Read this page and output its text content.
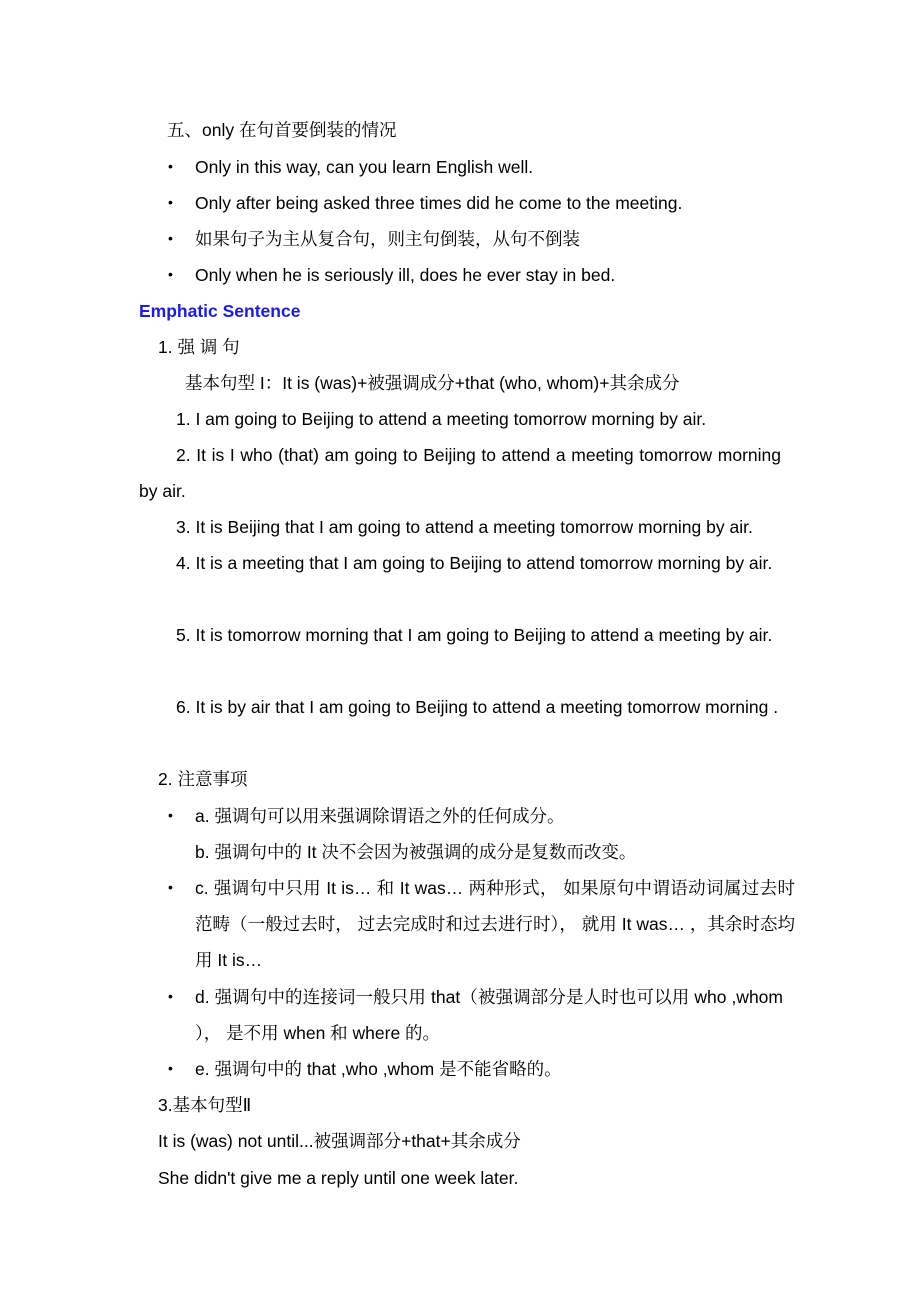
五、only 在句首要倒装的情况
• Only in this way, can you learn English well.
• Only after being asked three times did he come to the meeting.
• 如果句子为主从复合句，则主句倒装，从句不倒装
• Only when he is seriously ill, does he ever stay in bed.
Emphatic Sentence
1. 强 调 句
基本句型 I：It is (was)+被强调成分+that (who, whom)+其余成分
1. I am going to Beijing to attend a meeting tomorrow morning by air.
2. It is I who (that) am going to Beijing to attend a meeting tomorrow morning by air.
3. It is Beijing that I am going to attend a meeting tomorrow morning by air.
4. It is a meeting that I am going to Beijing to attend tomorrow morning by air.
5. It is tomorrow morning that I am going to Beijing to attend a meeting by air.
6. It is by air that I am going to Beijing to attend a meeting tomorrow morning .
2. 注意事项
• a. 强调句可以用来强调除谓语之外的任何成分。
b. 强调句中的 It 决不会因为被强调的成分是复数而改变。
• c. 强调句中只用 It is… 和 It was… 两种形式， 如果原句中谓语动词属过去时范畴（一般过去时， 过去完成时和过去进行时）， 就用 It was… ，其余时态均用 It is…
• d. 强调句中的连接词一般只用 that（被强调部分是人时也可以用 who ,whom ）， 是不用 when 和 where 的。
• e. 强调句中的 that ,who ,whom 是不能省略的。
3.基本句型Ⅱ
It is (was) not until...被强调部分+that+其余成分
She didn't give me a reply until one week later.
